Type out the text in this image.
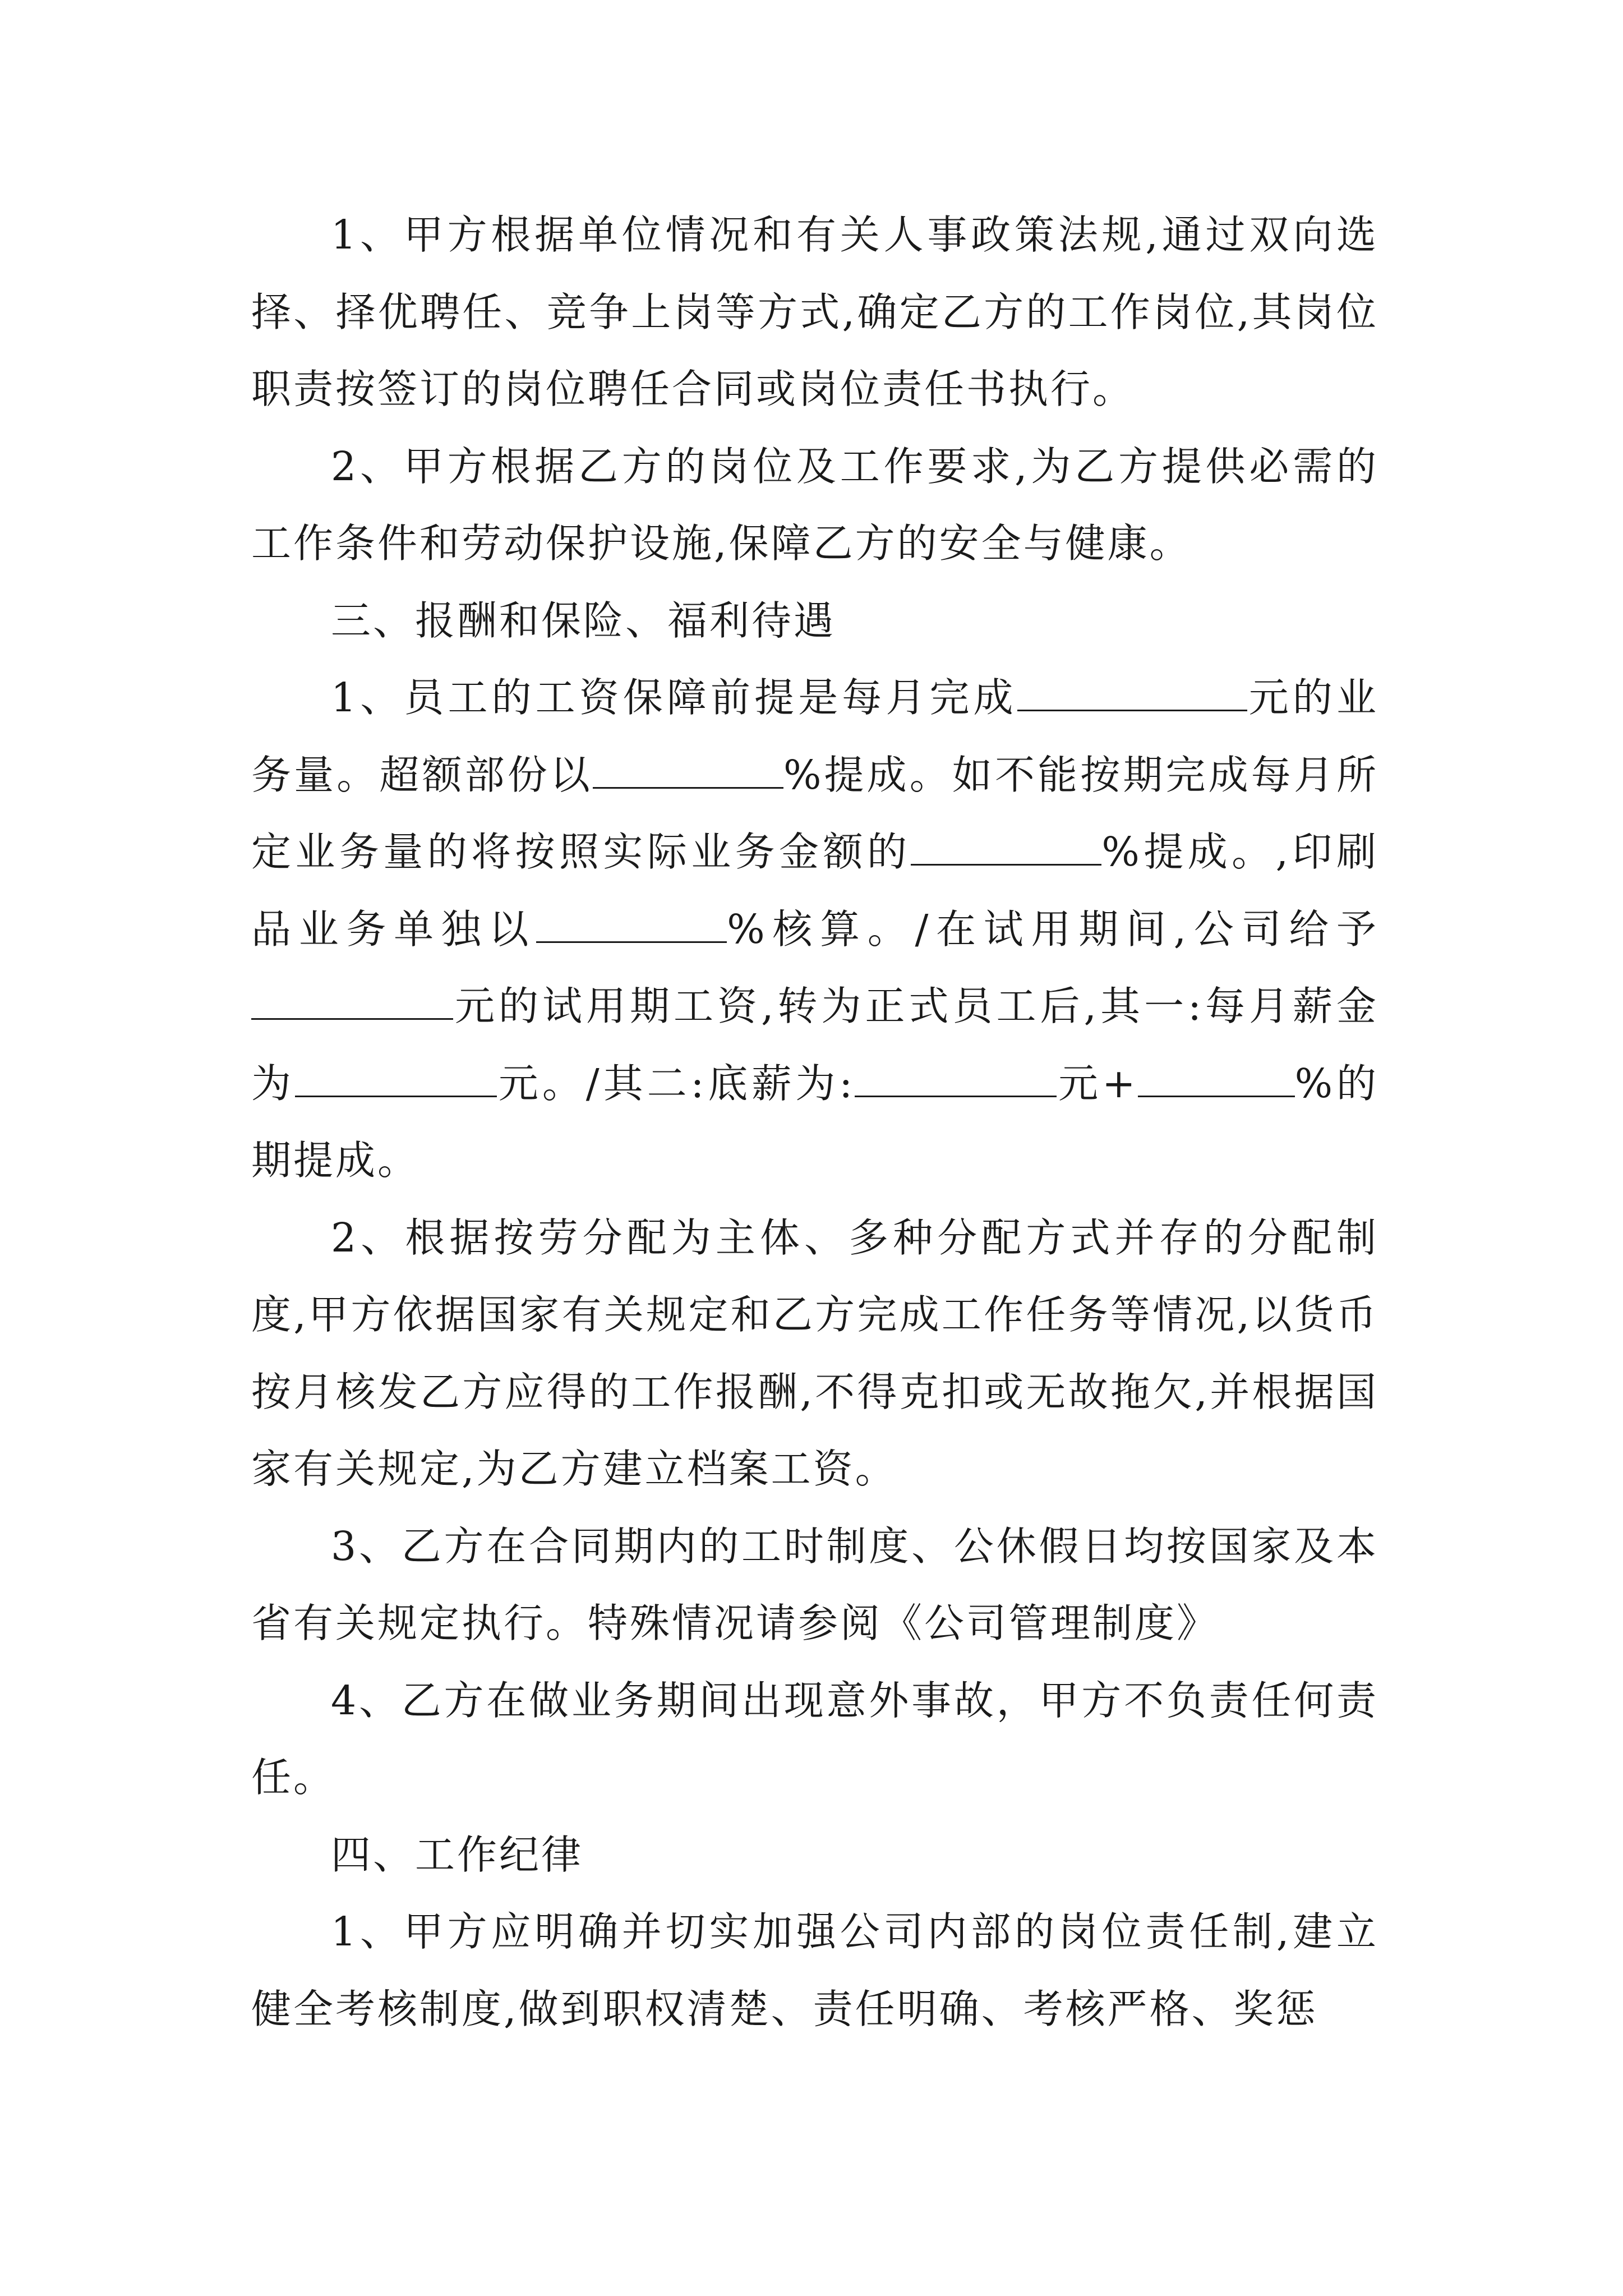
1、甲方根据单位情况和有关人事政策法规,通过双向选择、择优聘任、竞争上岗等方式,确定乙方的工作岗位,其岗位职责按签订的岗位聘任合同或岗位责任书执行。

2、甲方根据乙方的岗位及工作要求,为乙方提供必需的工作条件和劳动保护设施,保障乙方的安全与健康。

三、报酬和保险、福利待遇

1、员工的工资保障前提是每月完成	元的业务量。超额部份以	%提成。如不能按期完成每月所定业务量的将按照实际业务金额的	%提成。,印刷品业务单独以	%核算。/在试用期间,公司给予元的试用期工资,转为正式员工后,其一:每月薪金为	元。/其二:底薪为:	元+	%的期提成。

2、根据按劳分配为主体、多种分配方式并存的分配制度,甲方依据国家有关规定和乙方完成工作任务等情况,以货币按月核发乙方应得的工作报酬,不得克扣或无故拖欠,并根据国家有关规定,为乙方建立档案工资。

3、乙方在合同期内的工时制度、公休假日均按国家及本省有关规定执行。特殊情况请参阅《公司管理制度》

4、乙方在做业务期间出现意外事故，甲方不负责任何责任。

四、工作纪律

1、甲方应明确并切实加强公司内部的岗位责任制,建立健全考核制度,做到职权清楚、责任明确、考核严格、奖惩
